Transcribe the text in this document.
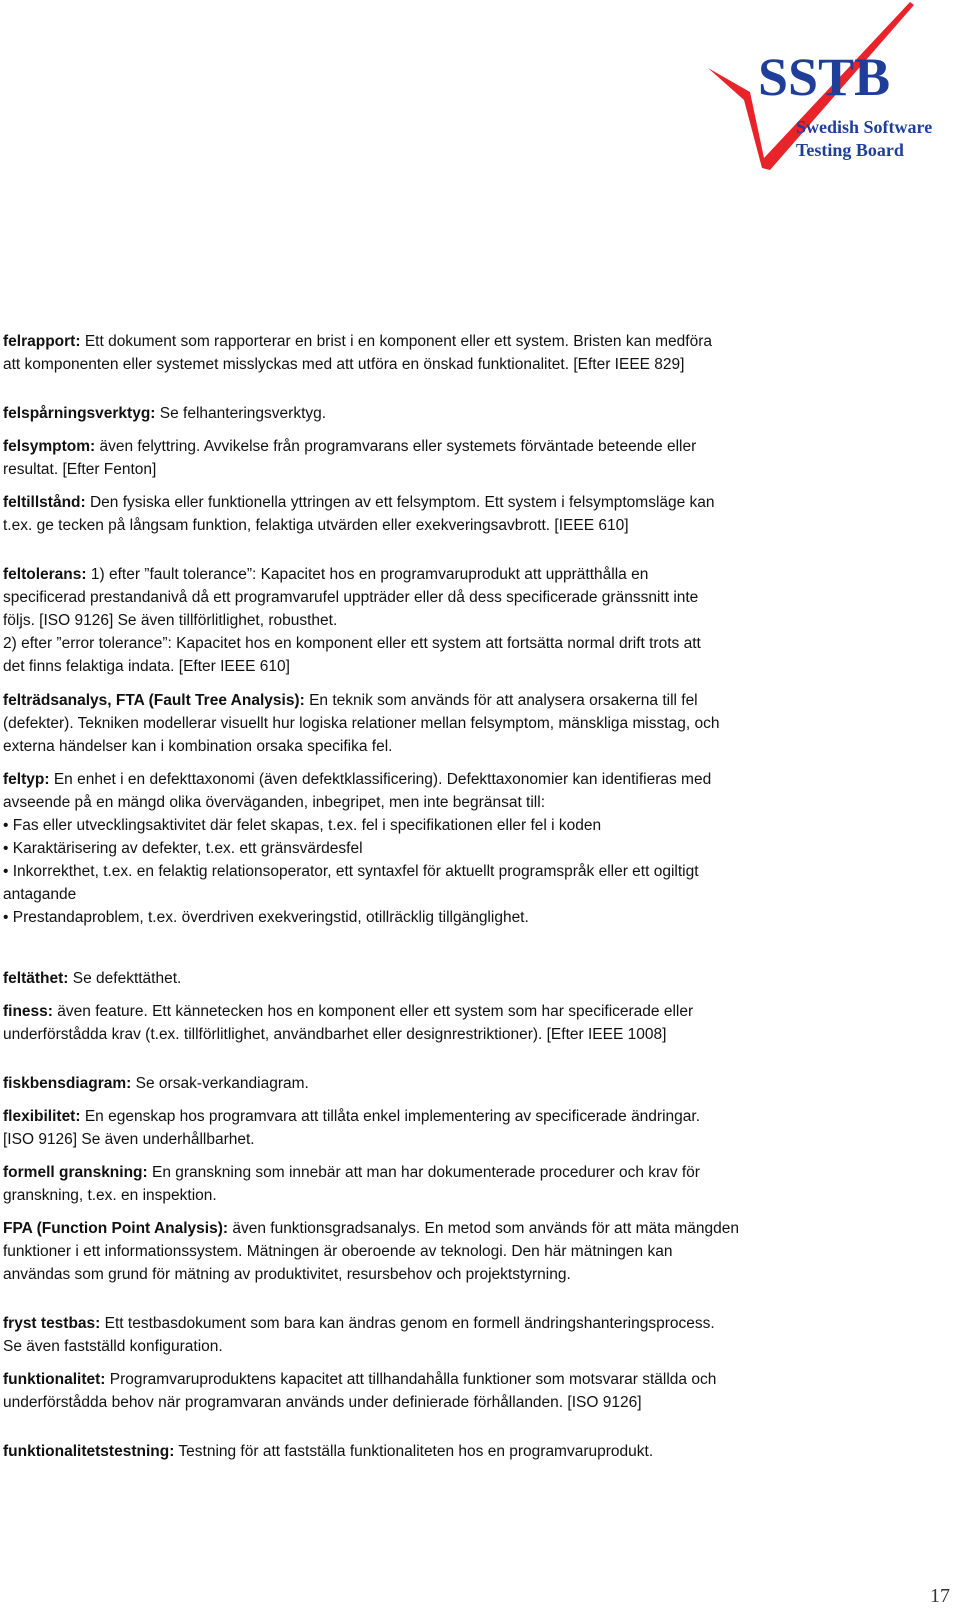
SSTB
Swedish Software
Testing Board
felrapport: Ett dokument som rapporterar en brist i en komponent eller ett system. Bristen kan medföra
att komponenten eller systemet misslyckas med att utföra en önskad funktionalitet. [Efter IEEE 829]
felspårningsverktyg: Se felhanteringsverktyg.
felsymptom: även felyttring. Avvikelse från programvarans eller systemets förväntade beteende eller
resultat. [Efter Fenton]
feltillstånd: Den fysiska eller funktionella yttringen av ett felsymptom. Ett system i felsymptomsläge kan
t.ex. ge tecken på långsam funktion, felaktiga utvärden eller exekveringsavbrott. [IEEE 610]
feltolerans: 1) efter ”fault tolerance”: Kapacitet hos en programvaruprodukt att upprätthålla en
specificerad prestandanivå då ett programvarufel uppträder eller då dess specificerade gränssnitt inte
följs. [ISO 9126] Se även tillförlitlighet, robusthet.
2) efter ”error tolerance”: Kapacitet hos en komponent eller ett system att fortsätta normal drift trots att
det finns felaktiga indata. [Efter IEEE 610]
felträdsanalys, FTA (Fault Tree Analysis): En teknik som används för att analysera orsakerna till fel
(defekter). Tekniken modellerar visuellt hur logiska relationer mellan felsymptom, mänskliga misstag, och
externa händelser kan i kombination orsaka specifika fel.
feltyp: En enhet i en defekttaxonomi (även defektklassificering). Defekttaxonomier kan identifieras med
avseende på en mängd olika överväganden, inbegripet, men inte begränsat till:
• Fas eller utvecklingsaktivitet där felet skapas, t.ex. fel i specifikationen eller fel i koden
• Karaktärisering av defekter, t.ex. ett gränsvärdesfel
• Inkorrekthet, t.ex. en felaktig relationsoperator, ett syntaxfel för aktuellt programspråk eller ett ogiltigt
antagande
• Prestandaproblem, t.ex. överdriven exekveringstid, otillräcklig tillgänglighet.
feltäthet: Se defekttäthet.
finess: även feature. Ett kännetecken hos en komponent eller ett system som har specificerade eller
underförstådda krav (t.ex. tillförlitlighet, användbarhet eller designrestriktioner). [Efter IEEE 1008]
fiskbensdiagram: Se orsak-verkandiagram.
flexibilitet: En egenskap hos programvara att tillåta enkel implementering av specificerade ändringar.
[ISO 9126] Se även underhållbarhet.
formell granskning: En granskning som innebär att man har dokumenterade procedurer och krav för
granskning, t.ex. en inspektion.
FPA (Function Point Analysis): även funktionsgradsanalys. En metod som används för att mäta mängden
funktioner i ett informationssystem. Mätningen är oberoende av teknologi. Den här mätningen kan
användas som grund för mätning av produktivitet, resursbehov och projektstyrning.
fryst testbas: Ett testbasdokument som bara kan ändras genom en formell ändringshanteringsprocess.
Se även fastställd konfiguration.
funktionalitet: Programvaruproduktens kapacitet att tillhandahålla funktioner som motsvarar ställda och
underförstådda behov när programvaran används under definierade förhållanden. [ISO 9126]
funktionalitetstestning: Testning för att fastställa funktionaliteten hos en programvaruprodukt.
17
